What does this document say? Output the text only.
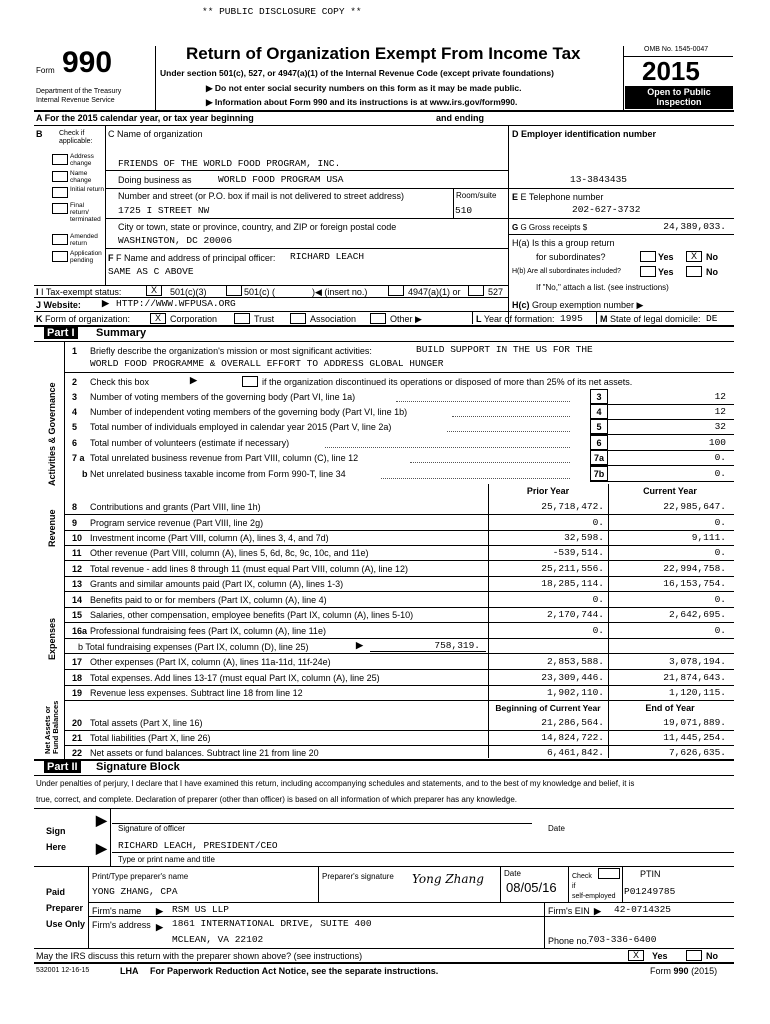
** PUBLIC DISCLOSURE COPY **
Form 990
Department of the Treasury
Internal Revenue Service
Return of Organization Exempt From Income Tax
Under section 501(c), 527, or 4947(a)(1) of the Internal Revenue Code (except private foundations)
▶ Do not enter social security numbers on this form as it may be made public.
▶ Information about Form 990 and its instructions is at www.irs.gov/form990.
OMB No. 1545-0047
2015
Open to Public
Inspection
A For the 2015 calendar year, or tax year beginning	and ending
B Check if
applicable:
Address change
Name change
Initial return
Final return/ terminated
Amended return
Application pending
C Name of organization
FRIENDS OF THE WORLD FOOD PROGRAM, INC.
Doing business as	WORLD FOOD PROGRAM USA
Number and street (or P.O. box if mail is not delivered to street address)	Room/suite
1725 I STREET NW	510
City or town, state or province, country, and ZIP or foreign postal code
WASHINGTON, DC 20006
F F Name and address of principal officer: RICHARD LEACH
SAME AS C ABOVE
D Employer identification number
13-3843435
E E Telephone number
202-627-3732
G G Gross receipts $	24,389,033.
H(a) Is this a group return
for subordinates?	Yes	X	No
H(b) Are all subordinates included?	Yes	No
If "No," attach a list. (see instructions)
I I Tax-exempt status:	X	501(c)(3)	501(c) (	)◀ (insert no.)	4947(a)(1) or	527
J Website: ▶ HTTP://WWW.WFPUSA.ORG	H(c) Group exemption number ▶
K Form of organization:	X	Corporation	Trust	Association	Other ▶	L Year of formation: 1995 M State of legal domicile: DE
Part I Summary
Activities & Governance
Revenue
Expenses
Net Assets or Fund Balances
1 Briefly describe the organization's mission or most significant activities:	BUILD SUPPORT IN THE US FOR THE
WORLD FOOD PROGRAMME & OVERALL EFFORT TO ADDRESS GLOBAL HUNGER
2 Check this box	▶	if the organization discontinued its operations or disposed of more than 25% of its net assets.
3 Number of voting members of the governing body (Part VI, line 1a)	3	12
4 Number of independent voting members of the governing body (Part VI, line 1b)	4	12
5 Total number of individuals employed in calendar year 2015 (Part V, line 2a)	5	32
6 Total number of volunteers (estimate if necessary)	6	100
7 a Total unrelated business revenue from Part VIII, column (C), line 12	7a	0.
b Net unrelated business taxable income from Form 990-T, line 34	7b	0.
Prior Year	Current Year
8 Contributions and grants (Part VIII, line 1h)	25,718,472.	22,985,647.
9 Program service revenue (Part VIII, line 2g)	0.	0.
10 Investment income (Part VIII, column (A), lines 3, 4, and 7d)	32,598.	9,111.
11 Other revenue (Part VIII, column (A), lines 5, 6d, 8c, 9c, 10c, and 11e)	-539,514.	0.
12 Total revenue - add lines 8 through 11 (must equal Part VIII, column (A), line 12)	25,211,556.	22,994,758.
13 Grants and similar amounts paid (Part IX, column (A), lines 1-3)	18,285,114.	16,153,754.
14 Benefits paid to or for members (Part IX, column (A), line 4)	0.	0.
15 Salaries, other compensation, employee benefits (Part IX, column (A), lines 5-10)	2,170,744.	2,642,695.
16a Professional fundraising fees (Part IX, column (A), line 11e)	0.	0.
b Total fundraising expenses (Part IX, column (D), line 25)	▶	758,319.
17 Other expenses (Part IX, column (A), lines 11a-11d, 11f-24e)	2,853,588.	3,078,194.
18 Total expenses. Add lines 13-17 (must equal Part IX, column (A), line 25)	23,309,446.	21,874,643.
19 Revenue less expenses. Subtract line 18 from line 12	1,902,110.	1,120,115.
Beginning of Current Year	End of Year
20 Total assets (Part X, line 16)	21,286,564.	19,071,889.
21 Total liabilities (Part X, line 26)	14,824,722.	11,445,254.
22 Net assets or fund balances. Subtract line 21 from line 20	6,461,842.	7,626,635.
Part II Signature Block
Under penalties of perjury, I declare that I have examined this return, including accompanying schedules and statements, and to the best of my knowledge and belief, it is
true, correct, and complete. Declaration of preparer (other than officer) is based on all information of which preparer has any knowledge.
Sign
Here
▶
▶
Signature of officer	Date
RICHARD LEACH, PRESIDENT/CEO
Type or print name and title
Paid
Preparer
Use Only
Print/Type preparer's name
YONG ZHANG, CPA
Preparer's signature Yong Zhang	Date
08/05/16
Check
if
self-employed
PTIN
P01249785
Firm's name ▶ RSM US LLP	Firm's EIN ▶ 42-0714325
Firm's address ▶ 1861 INTERNATIONAL DRIVE, SUITE 400
MCLEAN, VA 22102	Phone no.
703-336-6400
May the IRS discuss this return with the preparer shown above? (see instructions)	X	Yes	No
532001 12-16-15	LHA For Paperwork Reduction Act Notice, see the separate instructions.	Form 990 (2015)
